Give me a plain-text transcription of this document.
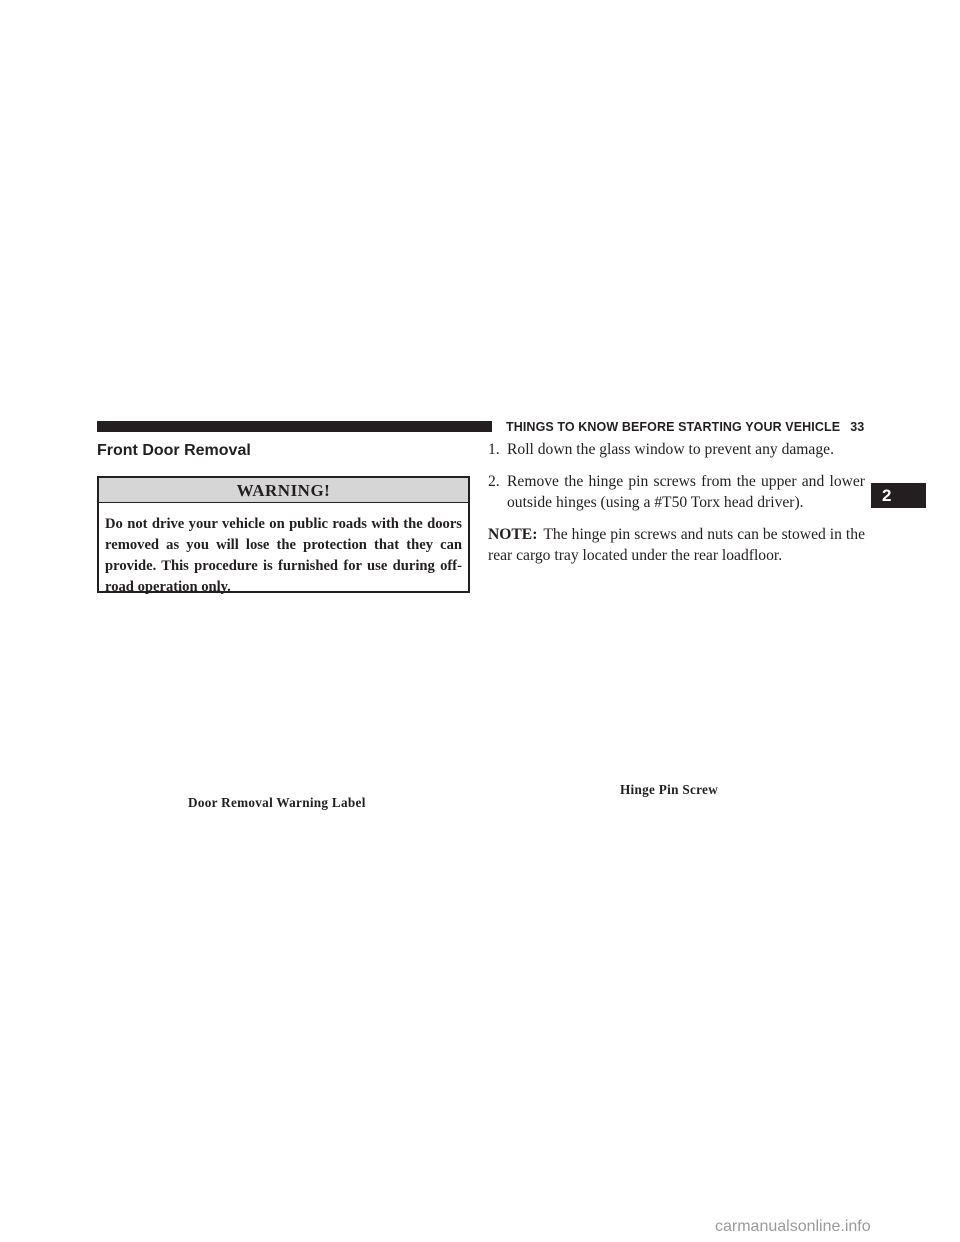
THINGS TO KNOW BEFORE STARTING YOUR VEHICLE 33
Front Door Removal
WARNING!
Do not drive your vehicle on public roads with the doors removed as you will lose the protection that they can provide. This procedure is furnished for use during off-road operation only.
1. Roll down the glass window to prevent any damage.
2. Remove the hinge pin screws from the upper and lower outside hinges (using a #T50 Torx head driver).
NOTE: The hinge pin screws and nuts can be stowed in the rear cargo tray located under the rear loadfloor.
2
Door Removal Warning Label
Hinge Pin Screw
carmanualsonline.info
